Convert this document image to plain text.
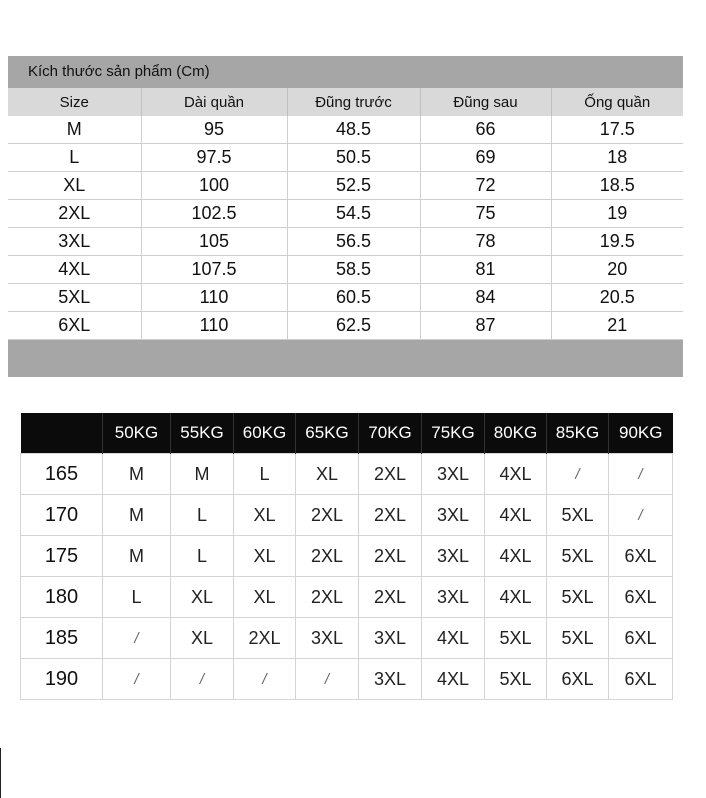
Kích thước sản phẩm (Cm)
Size	Dài quần	Đũng trước	Đũng sau	Ống quần
M	95	48.5	66	17.5
L	97.5	50.5	69	18
XL	100	52.5	72	18.5
2XL	102.5	54.5	75	19
3XL	105	56.5	78	19.5
4XL	107.5	58.5	81	20
5XL	110	60.5	84	20.5
6XL	110	62.5	87	21
	50KG	55KG	60KG	65KG	70KG	75KG	80KG	85KG	90KG
165	M	M	L	XL	2XL	3XL	4XL	/	/
170	M	L	XL	2XL	2XL	3XL	4XL	5XL	/
175	M	L	XL	2XL	2XL	3XL	4XL	5XL	6XL
180	L	XL	XL	2XL	2XL	3XL	4XL	5XL	6XL
185	/	XL	2XL	3XL	3XL	4XL	5XL	5XL	6XL
190	/	/	/	/	3XL	4XL	5XL	6XL	6XL
